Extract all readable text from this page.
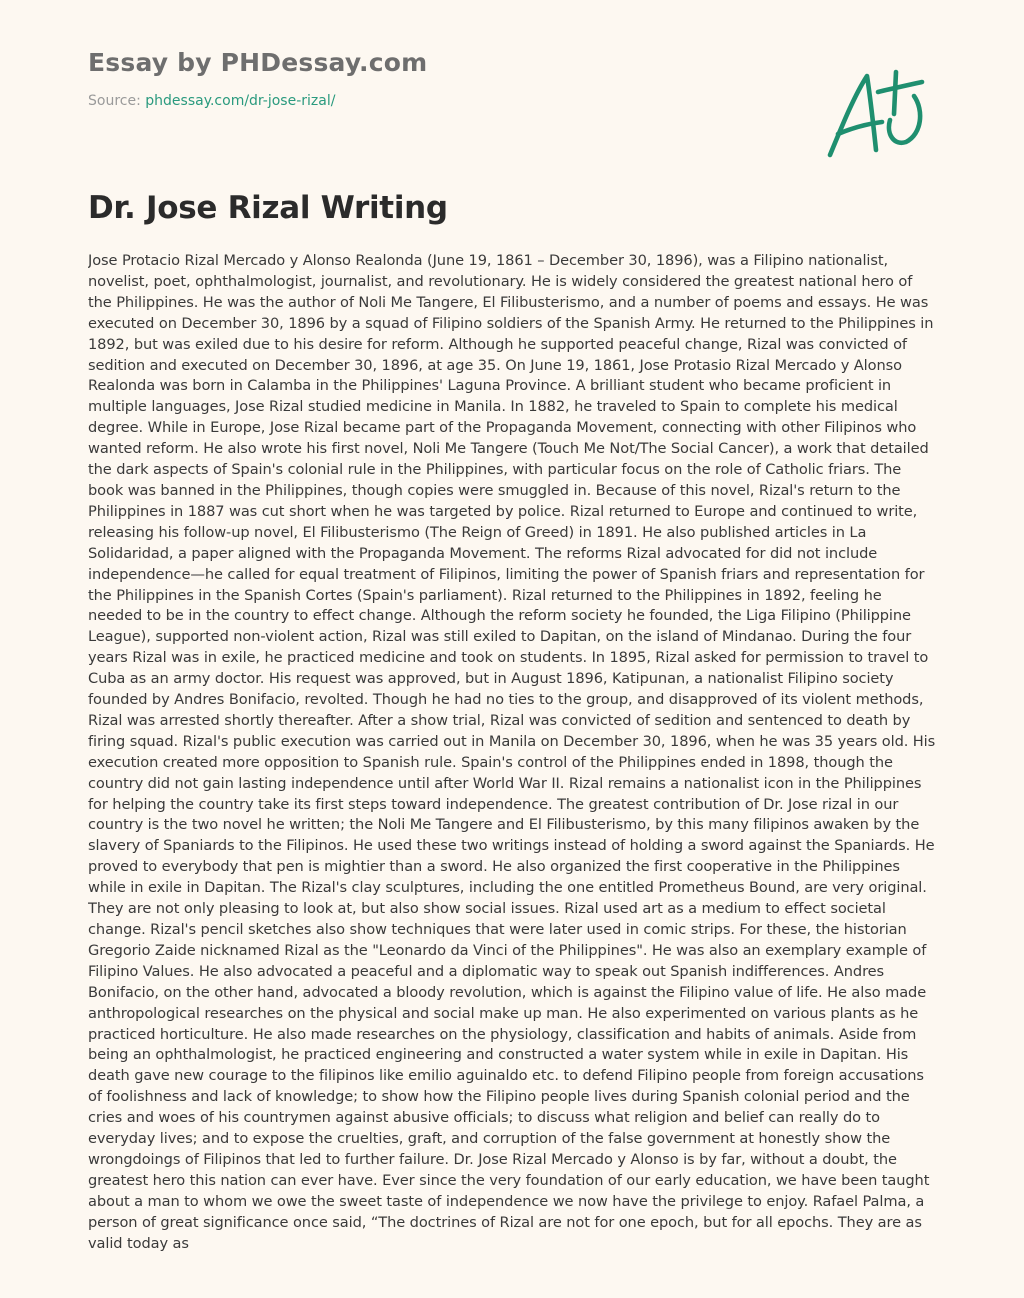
Essay by PHDessay.com
Source: phdessay.com/dr-jose-rizal/
Dr. Jose Rizal Writing

Jose Protacio Rizal Mercado y Alonso Realonda (June 19, 1861 – December 30, 1896), was a Filipino nationalist, novelist, poet, ophthalmologist, journalist, and revolutionary. He is widely considered the greatest national hero of the Philippines. He was the author of Noli Me Tangere, El Filibusterismo, and a number of poems and essays. He was executed on December 30, 1896 by a squad of Filipino soldiers of the Spanish Army. He returned to the Philippines in 1892, but was exiled due to his desire for reform. Although he supported peaceful change, Rizal was convicted of sedition and executed on December 30, 1896, at age 35. On June 19, 1861, Jose Protasio Rizal Mercado y Alonso Realonda was born in Calamba in the Philippines' Laguna Province. A brilliant student who became proficient in multiple languages, Jose Rizal studied medicine in Manila. In 1882, he traveled to Spain to complete his medical degree. While in Europe, Jose Rizal became part of the Propaganda Movement, connecting with other Filipinos who wanted reform. He also wrote his first novel, Noli Me Tangere (Touch Me Not/The Social Cancer), a work that detailed the dark aspects of Spain's colonial rule in the Philippines, with particular focus on the role of Catholic friars. The book was banned in the Philippines, though copies were smuggled in. Because of this novel, Rizal's return to the Philippines in 1887 was cut short when he was targeted by police. Rizal returned to Europe and continued to write, releasing his follow-up novel, El Filibusterismo (The Reign of Greed) in 1891. He also published articles in La Solidaridad, a paper aligned with the Propaganda Movement. The reforms Rizal advocated for did not include independence—he called for equal treatment of Filipinos, limiting the power of Spanish friars and representation for the Philippines in the Spanish Cortes (Spain's parliament). Rizal returned to the Philippines in 1892, feeling he needed to be in the country to effect change. Although the reform society he founded, the Liga Filipino (Philippine League), supported non-violent action, Rizal was still exiled to Dapitan, on the island of Mindanao. During the four years Rizal was in exile, he practiced medicine and took on students. In 1895, Rizal asked for permission to travel to Cuba as an army doctor. His request was approved, but in August 1896, Katipunan, a nationalist Filipino society founded by Andres Bonifacio, revolted. Though he had no ties to the group, and disapproved of its violent methods, Rizal was arrested shortly thereafter. After a show trial, Rizal was convicted of sedition and sentenced to death by firing squad. Rizal's public execution was carried out in Manila on December 30, 1896, when he was 35 years old. His execution created more opposition to Spanish rule. Spain's control of the Philippines ended in 1898, though the country did not gain lasting independence until after World War II. Rizal remains a nationalist icon in the Philippines for helping the country take its first steps toward independence. The greatest contribution of Dr. Jose rizal in our country is the two novel he written; the Noli Me Tangere and El Filibusterismo, by this many filipinos awaken by the slavery of Spaniards to the Filipinos. He used these two writings instead of holding a sword against the Spaniards. He proved to everybody that pen is mightier than a sword. He also organized the first cooperative in the Philippines while in exile in Dapitan. The Rizal's clay sculptures, including the one entitled Prometheus Bound, are very original. They are not only pleasing to look at, but also show social issues. Rizal used art as a medium to effect societal change. Rizal's pencil sketches also show techniques that were later used in comic strips. For these, the historian Gregorio Zaide nicknamed Rizal as the "Leonardo da Vinci of the Philippines". He was also an exemplary example of Filipino Values. He also advocated a peaceful and a diplomatic way to speak out Spanish indifferences. Andres Bonifacio, on the other hand, advocated a bloody revolution, which is against the Filipino value of life. He also made anthropological researches on the physical and social make up man. He also experimented on various plants as he practiced horticulture. He also made researches on the physiology, classification and habits of animals. Aside from being an ophthalmologist, he practiced engineering and constructed a water system while in exile in Dapitan. His death gave new courage to the filipinos like emilio aguinaldo etc. to defend Filipino people from foreign accusations of foolishness and lack of knowledge; to show how the Filipino people lives during Spanish colonial period and the cries and woes of his countrymen against abusive officials; to discuss what religion and belief can really do to everyday lives; and to expose the cruelties, graft, and corruption of the false government at honestly show the wrongdoings of Filipinos that led to further failure. Dr. Jose Rizal Mercado y Alonso is by far, without a doubt, the greatest hero this nation can ever have. Ever since the very foundation of our early education, we have been taught about a man to whom we owe the sweet taste of independence we now have the privilege to enjoy. Rafael Palma, a person of great significance once said, “The doctrines of Rizal are not for one epoch, but for all epochs. They are as valid today as
